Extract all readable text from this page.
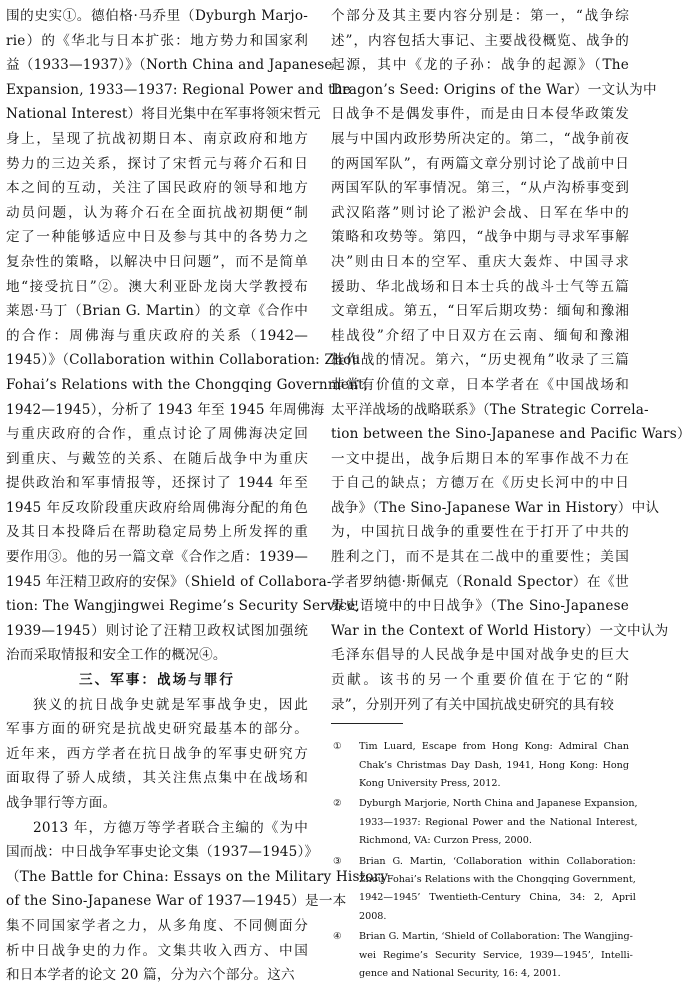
围的史实①。德伯格·马乔里（Dyburgh Marjo-
rie）的《华北与日本扩张：地方势力和国家利
益（1933—1937）》（North China and Japanese
Expansion, 1933—1937: Regional Power and the
National Interest）将目光集中在军事将领宋哲元
身上，呈现了抗战初期日本、南京政府和地方
势力的三边关系，探讨了宋哲元与蒋介石和日
本之间的互动，关注了国民政府的领导和地方
动员问题，认为蒋介石在全面抗战初期便“制
定了一种能够适应中日及参与其中的各势力之
复杂性的策略，以解决中日问题”，而不是简单
地“接受抗日”②。澳大利亚卧龙岗大学教授布
莱恩·马丁（Brian G. Martin）的文章《合作中
的合作：周佛海与重庆政府的关系（1942—
1945）》（Collaboration within Collaboration: Zhou
Fohai’s Relations with the Chongqing Government,
1942—1945），分析了 1943 年至 1945 年周佛海
与重庆政府的合作，重点讨论了周佛海决定回
到重庆、与戴笠的关系、在随后战争中为重庆
提供政治和军事情报等，还探讨了 1944 年至
1945 年反攻阶段重庆政府给周佛海分配的角色
及其日本投降后在帮助稳定局势上所发挥的重
要作用③。他的另一篇文章《合作之盾：1939—
1945 年汪精卫政府的安保》（Shield of Collabora-
tion: The Wangjingwei Regime’s Security Service,
1939—1945）则讨论了汪精卫政权试图加强统
治而采取情报和安全工作的概况④。
三、军事：战场与罪行
狭义的抗日战争史就是军事战争史，因此
军事方面的研究是抗战史研究最基本的部分。
近年来，西方学者在抗日战争的军事史研究方
面取得了骄人成绩，其关注焦点集中在战场和
战争罪行等方面。
2013 年，方德万等学者联合主编的《为中
国而战：中日战争军事史论文集（1937—1945）》
（The Battle for China: Essays on the Military History
of the Sino-Japanese War of 1937—1945）是一本
集不同国家学者之力，从多角度、不同侧面分
析中日战争史的力作。文集共收入西方、中国
和日本学者的论文 20 篇，分为六个部分。这六
个部分及其主要内容分别是：第一，“战争综
述”，内容包括大事记、主要战役概览、战争的
起源，其中《龙的子孙：战争的起源》（The
Dragon’s Seed: Origins of the War）一文认为中
日战争不是偶发事件，而是由日本侵华政策发
展与中国内政形势所决定的。第二，“战争前夜
的两国军队”，有两篇文章分别讨论了战前中日
两国军队的军事情况。第三，“从卢沟桥事变到
武汉陷落”则讨论了淞沪会战、日军在华中的
策略和攻势等。第四，“战争中期与寻求军事解
决”则由日本的空军、重庆大轰炸、中国寻求
援助、华北战场和日本士兵的战斗士气等五篇
文章组成。第五，“日军后期攻势：缅甸和豫湘
桂战役”介绍了中日双方在云南、缅甸和豫湘
桂作战的情况。第六，“历史视角”收录了三篇
非常有价值的文章，日本学者在《中国战场和
太平洋战场的战略联系》（The Strategic Correla-
tion between the Sino-Japanese and Pacific Wars）
一文中提出，战争后期日本的军事作战不力在
于自己的缺点；方德万在《历史长河中的中日
战争》（The Sino-Japanese War in History）中认
为，中国抗日战争的重要性在于打开了中共的
胜利之门，而不是其在二战中的重要性；美国
学者罗纳德·斯佩克（Ronald Spector）在《世
界史语境中的中日战争》（The Sino-Japanese
War in the Context of World History）一文中认为
毛泽东倡导的人民战争是中国对战争史的巨大
贡献。该书的另一个重要价值在于它的“附
录”，分别开列了有关中国抗战史研究的具有较
①	Tim Luard, Escape from Hong Kong: Admiral Chan
Chak’s Christmas Day Dash, 1941, Hong Kong: Hong
Kong University Press, 2012.
②	Dyburgh Marjorie, North China and Japanese Expansion,
1933—1937: Regional Power and the National Interest,
Richmond, VA: Curzon Press, 2000.
③	Brian G. Martin, ‘Collaboration within Collaboration:
Zhou Fohai’s Relations with the Chongqing Government,
1942—1945’ Twentieth-Century China, 34: 2, April
2008.
④	Brian G. Martin, ‘Shield of Collaboration: The Wangjing-
wei Regime’s Security Service, 1939—1945’, Intelli-
gence and National Security, 16: 4, 2001.
